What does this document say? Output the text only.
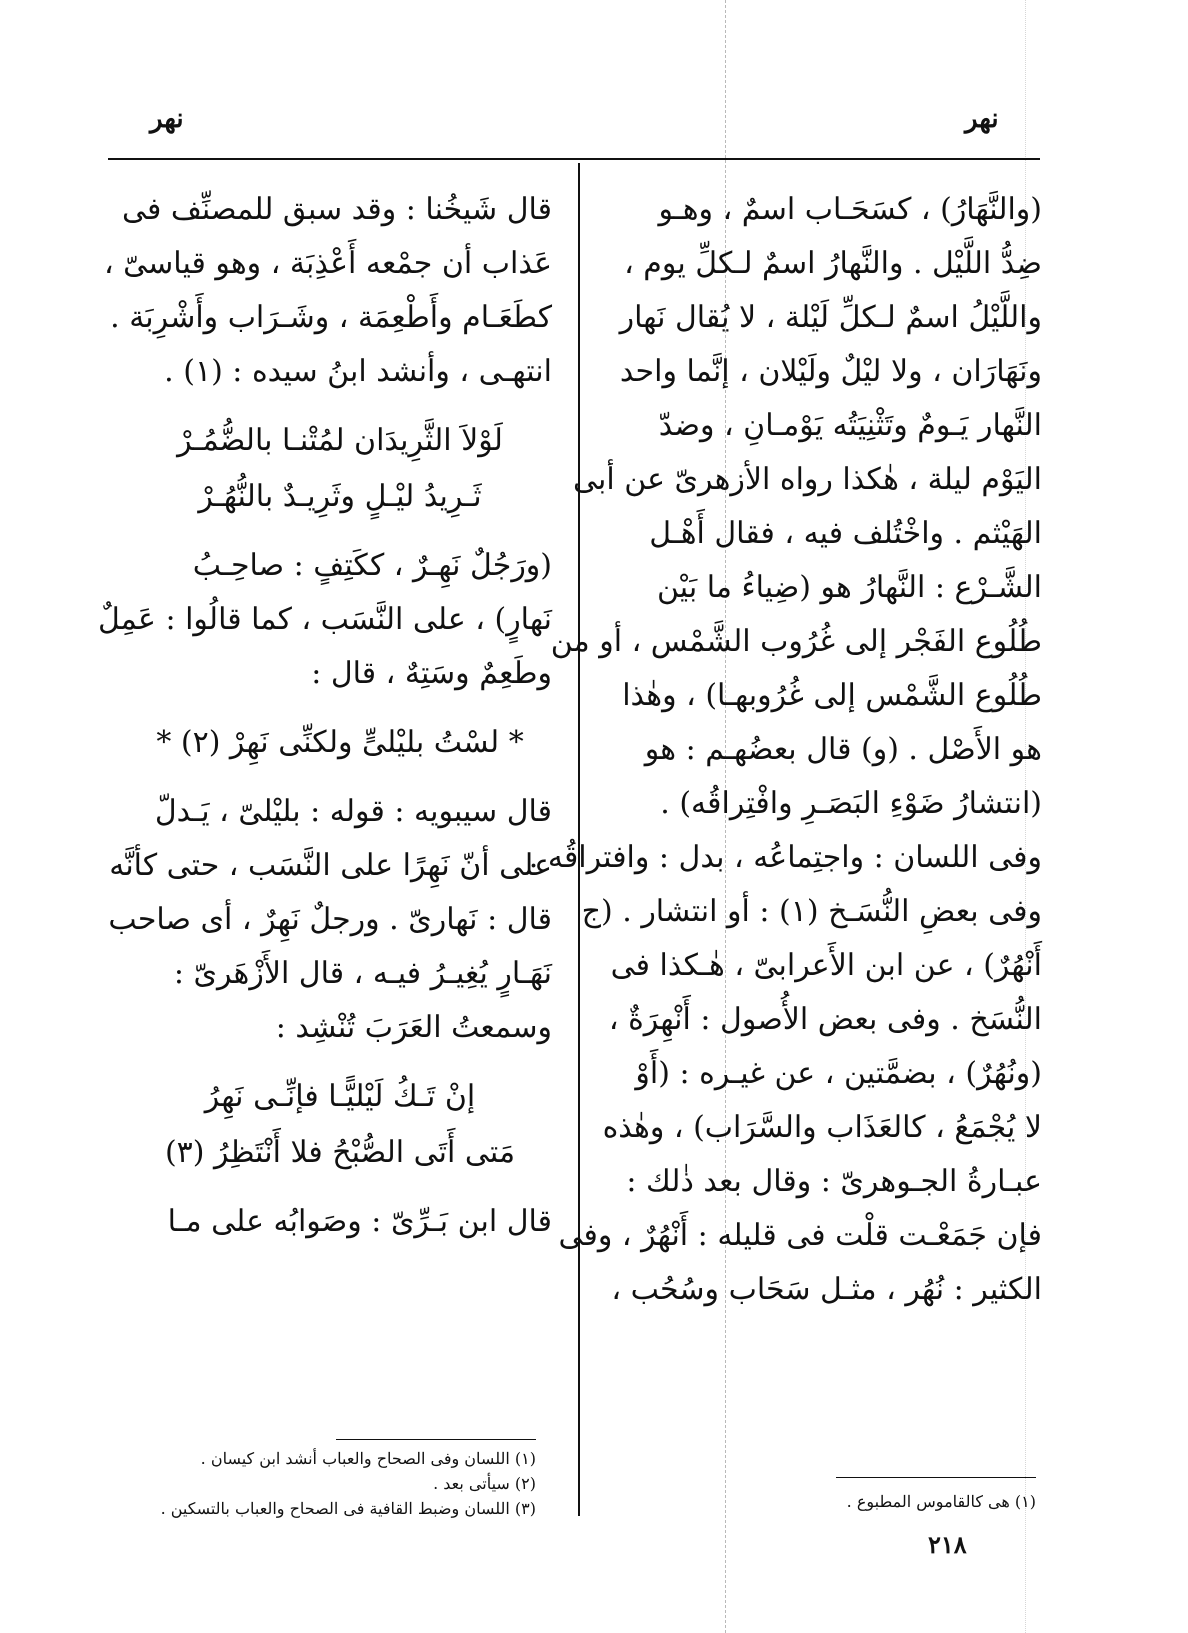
نهر	نهر
(والنَّهَارُ) ، كسَحَـاب اسمٌ ، وهـو
ضِدُّ اللَّيْل . والنَّهارُ اسمٌ لـكلِّ يوم ،
واللَّيْلُ اسمٌ لـكلِّ لَيْلة ، لا يُقال نَهار
ونَهَارَان ، ولا ليْلٌ ولَيْلان ، إنَّما واحد
النَّهار يَـومٌ وتَثْنِيَتُه يَوْمـانِ ، وضدّ
اليَوْم ليلة ، هٰكذا رواه الأزهرىّ عن أبى
الهَيْثم . واخْتُلف فيه ، فقال أَهْـل
الشَّـرْع : النَّهارُ هو (ضِياءُ ما بَيْن
طُلُوع الفَجْر إلى غُرُوب الشَّمْس ، أو من
طُلُوع الشَّمْس إلى غُرُوبهـا) ، وهٰذا
هو الأَصْل . (و) قال بعضُهـم : هو
(انتشارُ ضَوْءِ البَصَـرِ وافْتِراقُه) .
وفى اللسان : واجتِماعُه ، بدل : وافتراقُه .
وفى بعضِ النُّسَـخ (١) : أو انتشار . (ج
أَنْهُرٌ) ، عن ابن الأَعرابىّ ، هٰـكذا فى
النُّسَخ . وفى بعض الأُصول : أَنْهِرَةٌ ،
(ونُهُرٌ) ، بضمَّتين ، عن غيـره : (أَوْ
لا يُجْمَعُ ، كالعَذَاب والسَّرَاب) ، وهٰذه
عبـارةُ الجـوهرىّ : وقال بعد ذٰلك :
فإن جَمَعْـت قلْت فى قليله : أَنْهُرٌ ، وفى
الكثير : نُهُر ، مثـل سَحَاب وسُحُب ،
قال شَيخُنا : وقد سبق للمصنِّف فى
عَذاب أن جمْعه أَعْذِبَة ، وهو قياسىّ ،
كطَعَـام وأَطْعِمَة ، وشَـرَاب وأَشْرِبَة .
انتهـى ، وأنشد ابنُ سيده : (١) .
لَوْلاَ الثَّرِيدَان لمُتْنـا بالضُّمُـرْ
ثَـرِيدُ ليْـلٍ وثَرِيـدٌ بالنُّهُـرْ
(ورَجُلٌ نَهِـرٌ ، ككَتِفٍ : صاحِـبُ
نَهارٍ) ، على النَّسَب ، كما قالُوا : عَمِلٌ
وطَعِمٌ وسَتِهٌ ، قال :
* لسْتُ بليْلىٍّ ولكنِّى نَهِرْ (٢) *
قال سيبويه : قوله : بليْلىّ ، يَـدلّ
على أنّ نَهِرًا على النَّسَب ، حتى كأنَّه
قال : نَهارىّ . ورجلٌ نَهِرٌ ، أى صاحب
نَهَـارٍ يُغِيـرُ فيـه ، قال الأَزْهَرىّ :
وسمعتُ العَرَبَ تُنْشِد :
إنْ تَـكُ لَيْليًّـا فإنِّـى نَهِرُ
مَتى أَتَى الصُّبْحُ فلا أَنْتَظِرُ (٣)
قال ابن بَـرِّىّ : وصَوابُه على مـا
(١) اللسان وفى الصحاح والعباب أنشد ابن كيسان .
(٢) سيأتى بعد .
(٣) اللسان وضبط القافية فى الصحاح والعباب بالتسكين .	(١) هى كالقاموس المطبوع .
٢١٨
